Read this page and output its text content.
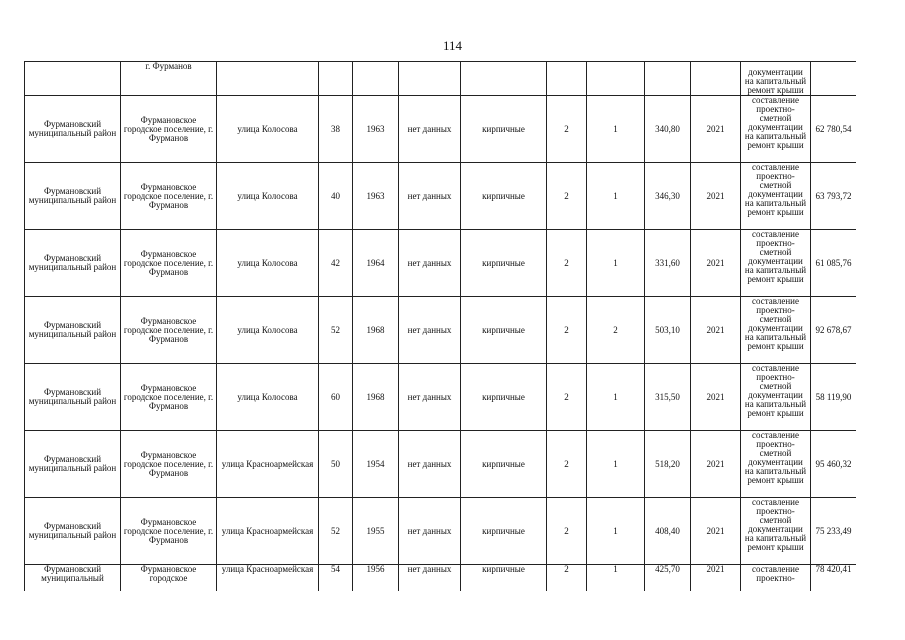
114
	г. Фурманов										документации на капитальный ремонт крыши	
Фурмановский муниципальный район	Фурмановское городское поселение, г. Фурманов	улица Колосова	38	1963	нет данных	кирпичные	2	1	340,80	2021	составление проектно-сметной документации на капитальный ремонт крыши	62 780,54
Фурмановский муниципальный район	Фурмановское городское поселение, г. Фурманов	улица Колосова	40	1963	нет данных	кирпичные	2	1	346,30	2021	составление проектно-сметной документации на капитальный ремонт крыши	63 793,72
Фурмановский муниципальный район	Фурмановское городское поселение, г. Фурманов	улица Колосова	42	1964	нет данных	кирпичные	2	1	331,60	2021	составление проектно-сметной документации на капитальный ремонт крыши	61 085,76
Фурмановский муниципальный район	Фурмановское городское поселение, г. Фурманов	улица Колосова	52	1968	нет данных	кирпичные	2	2	503,10	2021	составление проектно-сметной документации на капитальный ремонт крыши	92 678,67
Фурмановский муниципальный район	Фурмановское городское поселение, г. Фурманов	улица Колосова	60	1968	нет данных	кирпичные	2	1	315,50	2021	составление проектно-сметной документации на капитальный ремонт крыши	58 119,90
Фурмановский муниципальный район	Фурмановское городское поселение, г. Фурманов	улица Красноармейская	50	1954	нет данных	кирпичные	2	1	518,20	2021	составление проектно-сметной документации на капитальный ремонт крыши	95 460,32
Фурмановский муниципальный район	Фурмановское городское поселение, г. Фурманов	улица Красноармейская	52	1955	нет данных	кирпичные	2	1	408,40	2021	составление проектно-сметной документации на капитальный ремонт крыши	75 233,49
Фурмановский муниципальный	Фурмановское городское	улица Красноармейская	54	1956	нет данных	кирпичные	2	1	425,70	2021	составление проектно-	78 420,41
